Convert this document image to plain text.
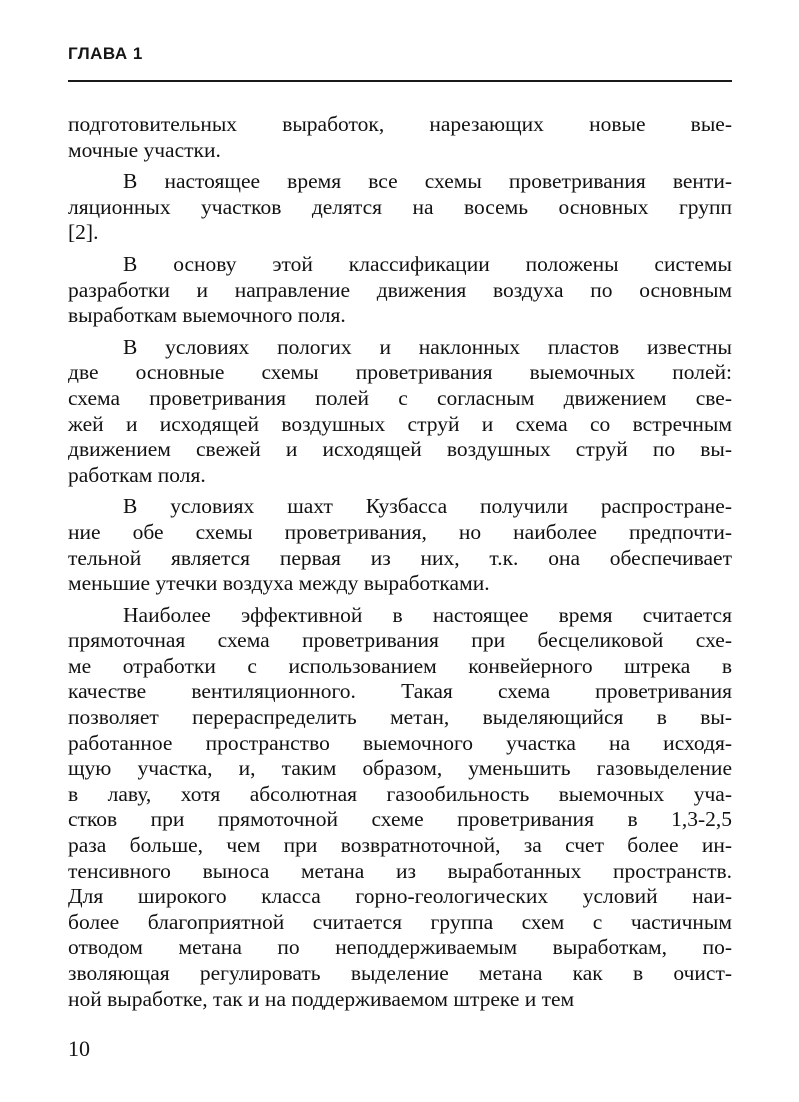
ГЛАВА 1
подготовительных выработок, нарезающих новые вые-
мочные участки.
В настоящее время все схемы проветривания венти-
ляционных участков делятся на восемь основных групп
[2].
В основу этой классификации положены системы
разработки и направление движения воздуха по основным
выработкам выемочного поля.
В условиях пологих и наклонных пластов известны
две основные схемы проветривания выемочных полей:
схема проветривания полей с согласным движением све-
жей и исходящей воздушных струй и схема со встречным
движением свежей и исходящей воздушных струй по вы-
работкам поля.
В условиях шахт Кузбасса получили распростране-
ние обе схемы проветривания, но наиболее предпочти-
тельной является первая из них, т.к. она обеспечивает
меньшие утечки воздуха между выработками.
Наиболее эффективной в настоящее время считается
прямоточная схема проветривания при бесцеликовой схе-
ме отработки с использованием конвейерного штрека в
качестве вентиляционного. Такая схема проветривания
позволяет перераспределить метан, выделяющийся в вы-
работанное пространство выемочного участка на исходя-
щую участка, и, таким образом, уменьшить газовыделение
в лаву, хотя абсолютная газообильность выемочных уча-
стков при прямоточной схеме проветривания в 1,3-2,5
раза больше, чем при возвратноточной, за счет более ин-
тенсивного выноса метана из выработанных пространств.
Для широкого класса горно-геологических условий наи-
более благоприятной считается группа схем с частичным
отводом метана по неподдерживаемым выработкам, по-
зволяющая регулировать выделение метана как в очист-
ной выработке, так и на поддерживаемом штреке и тем
10
